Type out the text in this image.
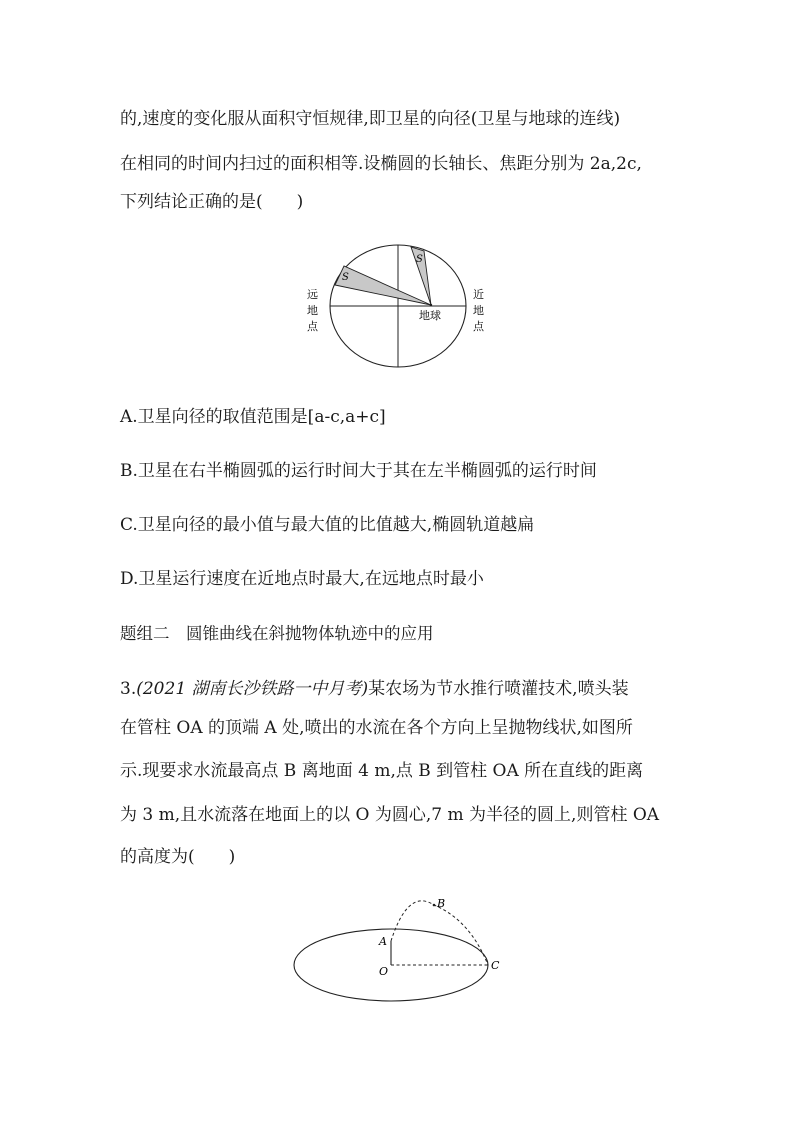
的,速度的变化服从面积守恒规律,即卫星的向径(卫星与地球的连线)
在相同的时间内扫过的面积相等.设椭圆的长轴长、焦距分别为 2a,2c,
下列结论正确的是(　　)
S
S
地球
远
地
点
近
地
点
A.卫星向径的取值范围是[a-c,a+c]
B.卫星在右半椭圆弧的运行时间大于其在左半椭圆弧的运行时间
C.卫星向径的最小值与最大值的比值越大,椭圆轨道越扁
D.卫星运行速度在近地点时最大,在远地点时最小
题组二　圆锥曲线在斜抛物体轨迹中的应用
3.(2021 湖南长沙铁路一中月考)某农场为节水推行喷灌技术,喷头装
在管柱 OA 的顶端 A 处,喷出的水流在各个方向上呈抛物线状,如图所
示.现要求水流最高点 B 离地面 4 m,点 B 到管柱 OA 所在直线的距离
为 3 m,且水流落在地面上的以 O 为圆心,7 m 为半径的圆上,则管柱 OA
的高度为(　　)
A
B
O	C
